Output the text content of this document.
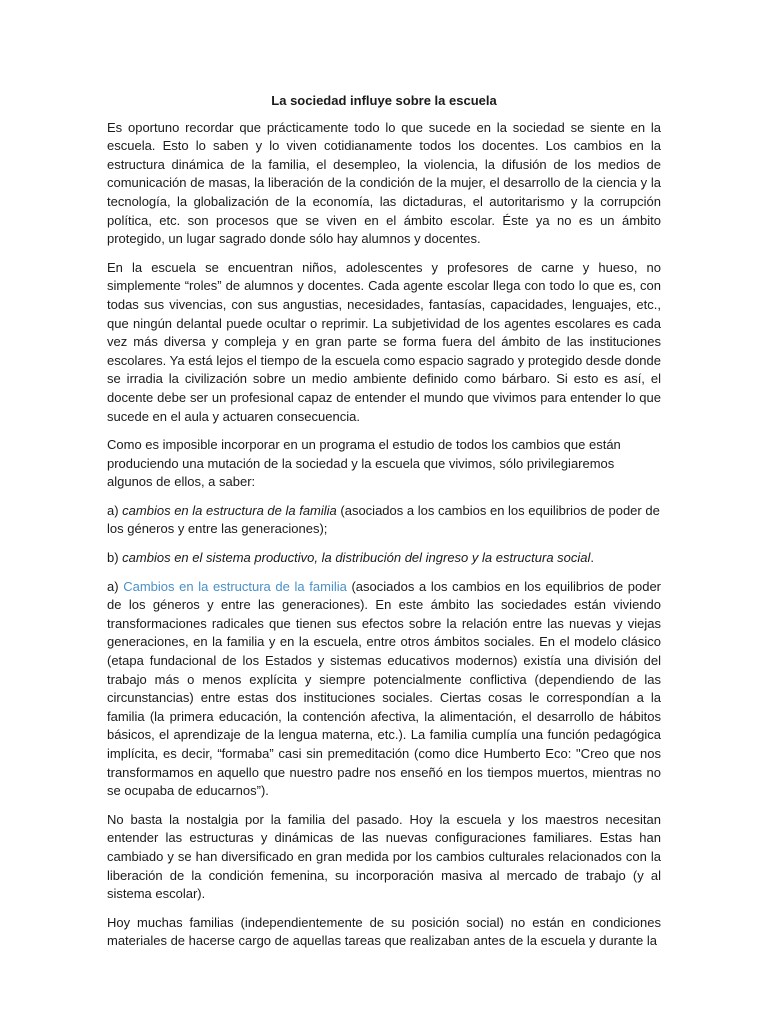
La sociedad influye sobre la escuela

Es oportuno recordar que prácticamente todo lo que sucede en la sociedad se siente en la escuela. Esto lo saben y lo viven cotidianamente todos los docentes. Los cambios en la estructura dinámica de la familia, el desempleo, la violencia, la difusión de los medios de comunicación de masas, la liberación de la condición de la mujer, el desarrollo de la ciencia y la tecnología, la globalización de la economía, las dictaduras, el autoritarismo y la corrupción política, etc. son procesos que se viven en el ámbito escolar. Éste ya no es un ámbito protegido, un lugar sagrado donde sólo hay alumnos y docentes.

En la escuela se encuentran niños, adolescentes y profesores de carne y hueso, no simplemente “roles” de alumnos y docentes. Cada agente escolar llega con todo lo que es, con todas sus vivencias, con sus angustias, necesidades, fantasías, capacidades, lenguajes, etc., que ningún delantal puede ocultar o reprimir. La subjetividad de los agentes escolares es cada vez más diversa y compleja y en gran parte se forma fuera del ámbito de las instituciones escolares. Ya está lejos el tiempo de la escuela como espacio sagrado y protegido desde donde se irradia la civilización sobre un medio ambiente definido como bárbaro. Si esto es así, el docente debe ser un profesional capaz de entender el mundo que vivimos para entender lo que sucede en el aula y actuaren consecuencia.

Como es imposible incorporar en un programa el estudio de todos los cambios que están produciendo una mutación de la sociedad y la escuela que vivimos, sólo privilegiaremos algunos de ellos, a saber:

a) cambios en la estructura de la familia (asociados a los cambios en los equilibrios de poder de los géneros y entre las generaciones);

b) cambios en el sistema productivo, la distribución del ingreso y la estructura social.

a) Cambios en la estructura de la familia (asociados a los cambios en los equilibrios de poder de los géneros y entre las generaciones). En este ámbito las sociedades están viviendo transformaciones radicales que tienen sus efectos sobre la relación entre las nuevas y viejas generaciones, en la familia y en la escuela, entre otros ámbitos sociales. En el modelo clásico (etapa fundacional de los Estados y sistemas educativos modernos) existía una división del trabajo más o menos explícita y siempre potencialmente conflictiva (dependiendo de las circunstancias) entre estas dos instituciones sociales. Ciertas cosas le correspondían a la familia (la primera educación, la contención afectiva, la alimentación, el desarrollo de hábitos básicos, el aprendizaje de la lengua materna, etc.). La familia cumplía una función pedagógica implícita, es decir, “formaba” casi sin premeditación (como dice Humberto Eco: "Creo que nos transformamos en aquello que nuestro padre nos enseñó en los tiempos muertos, mientras no se ocupaba de educarnos”).

No basta la nostalgia por la familia del pasado. Hoy la escuela y los maestros necesitan entender las estructuras y dinámicas de las nuevas configuraciones familiares. Estas han cambiado y se han diversificado en gran medida por los cambios culturales relacionados con la liberación de la condición femenina, su incorporación masiva al mercado de trabajo (y al sistema escolar).

Hoy muchas familias (independientemente de su posición social) no están en condiciones materiales de hacerse cargo de aquellas tareas que realizaban antes de la escuela y durante la
